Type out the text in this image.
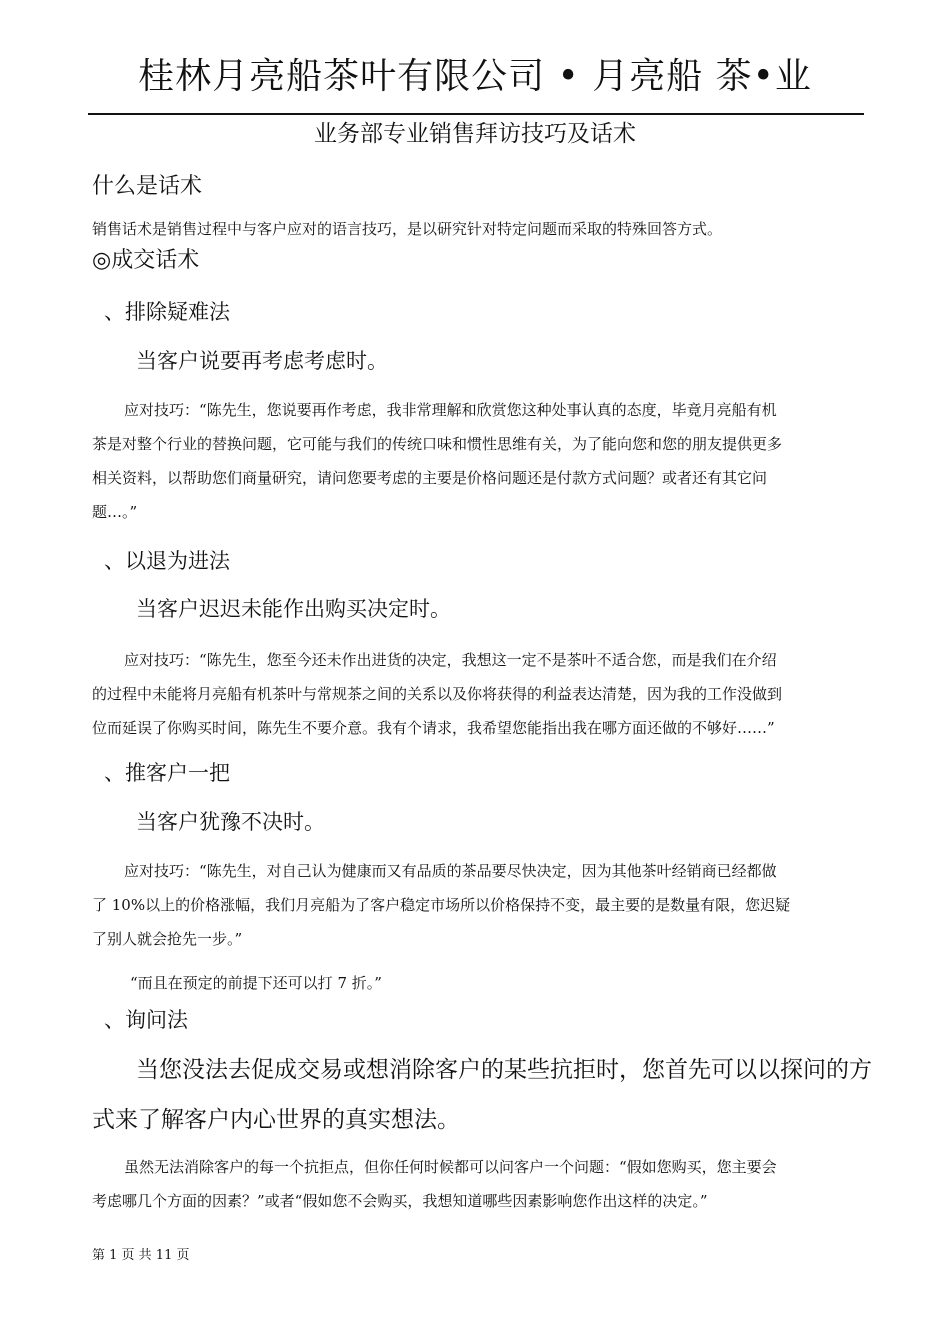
桂林月亮船茶叶有限公司 • 月亮船 茶•业
业务部专业销售拜访技巧及话术
什么是话术
销售话术是销售过程中与客户应对的语言技巧，是以研究针对特定问题而采取的特殊回答方式。
◎成交话术
、排除疑难法
当客户说要再考虑考虑时。
应对技巧：“陈先生，您说要再作考虑，我非常理解和欣赏您这种处事认真的态度，毕竟月亮船有机
茶是对整个行业的替换问题，它可能与我们的传统口味和惯性思维有关，为了能向您和您的朋友提供更多
相关资料，以帮助您们商量研究，请问您要考虑的主要是价格问题还是付款方式问题？或者还有其它问
题…。”
、以退为进法
当客户迟迟未能作出购买决定时。
应对技巧：“陈先生，您至今还未作出进货的决定，我想这一定不是茶叶不适合您，而是我们在介绍
的过程中未能将月亮船有机茶叶与常规茶之间的关系以及你将获得的利益表达清楚，因为我的工作没做到
位而延误了你购买时间，陈先生不要介意。我有个请求，我希望您能指出我在哪方面还做的不够好……”
、推客户一把
当客户犹豫不决时。
应对技巧：“陈先生，对自己认为健康而又有品质的茶品要尽快决定，因为其他茶叶经销商已经都做
了 10%以上的价格涨幅，我们月亮船为了客户稳定市场所以价格保持不变，最主要的是数量有限，您迟疑
了别人就会抢先一步。”
“而且在预定的前提下还可以打 7 折。”
、询问法
当您没法去促成交易或想消除客户的某些抗拒时，您首先可以以探问的方
式来了解客户内心世界的真实想法。
虽然无法消除客户的每一个抗拒点，但你任何时候都可以问客户一个问题：“假如您购买，您主要会
考虑哪几个方面的因素？”或者“假如您不会购买，我想知道哪些因素影响您作出这样的决定。”
第 1 页 共 11 页
